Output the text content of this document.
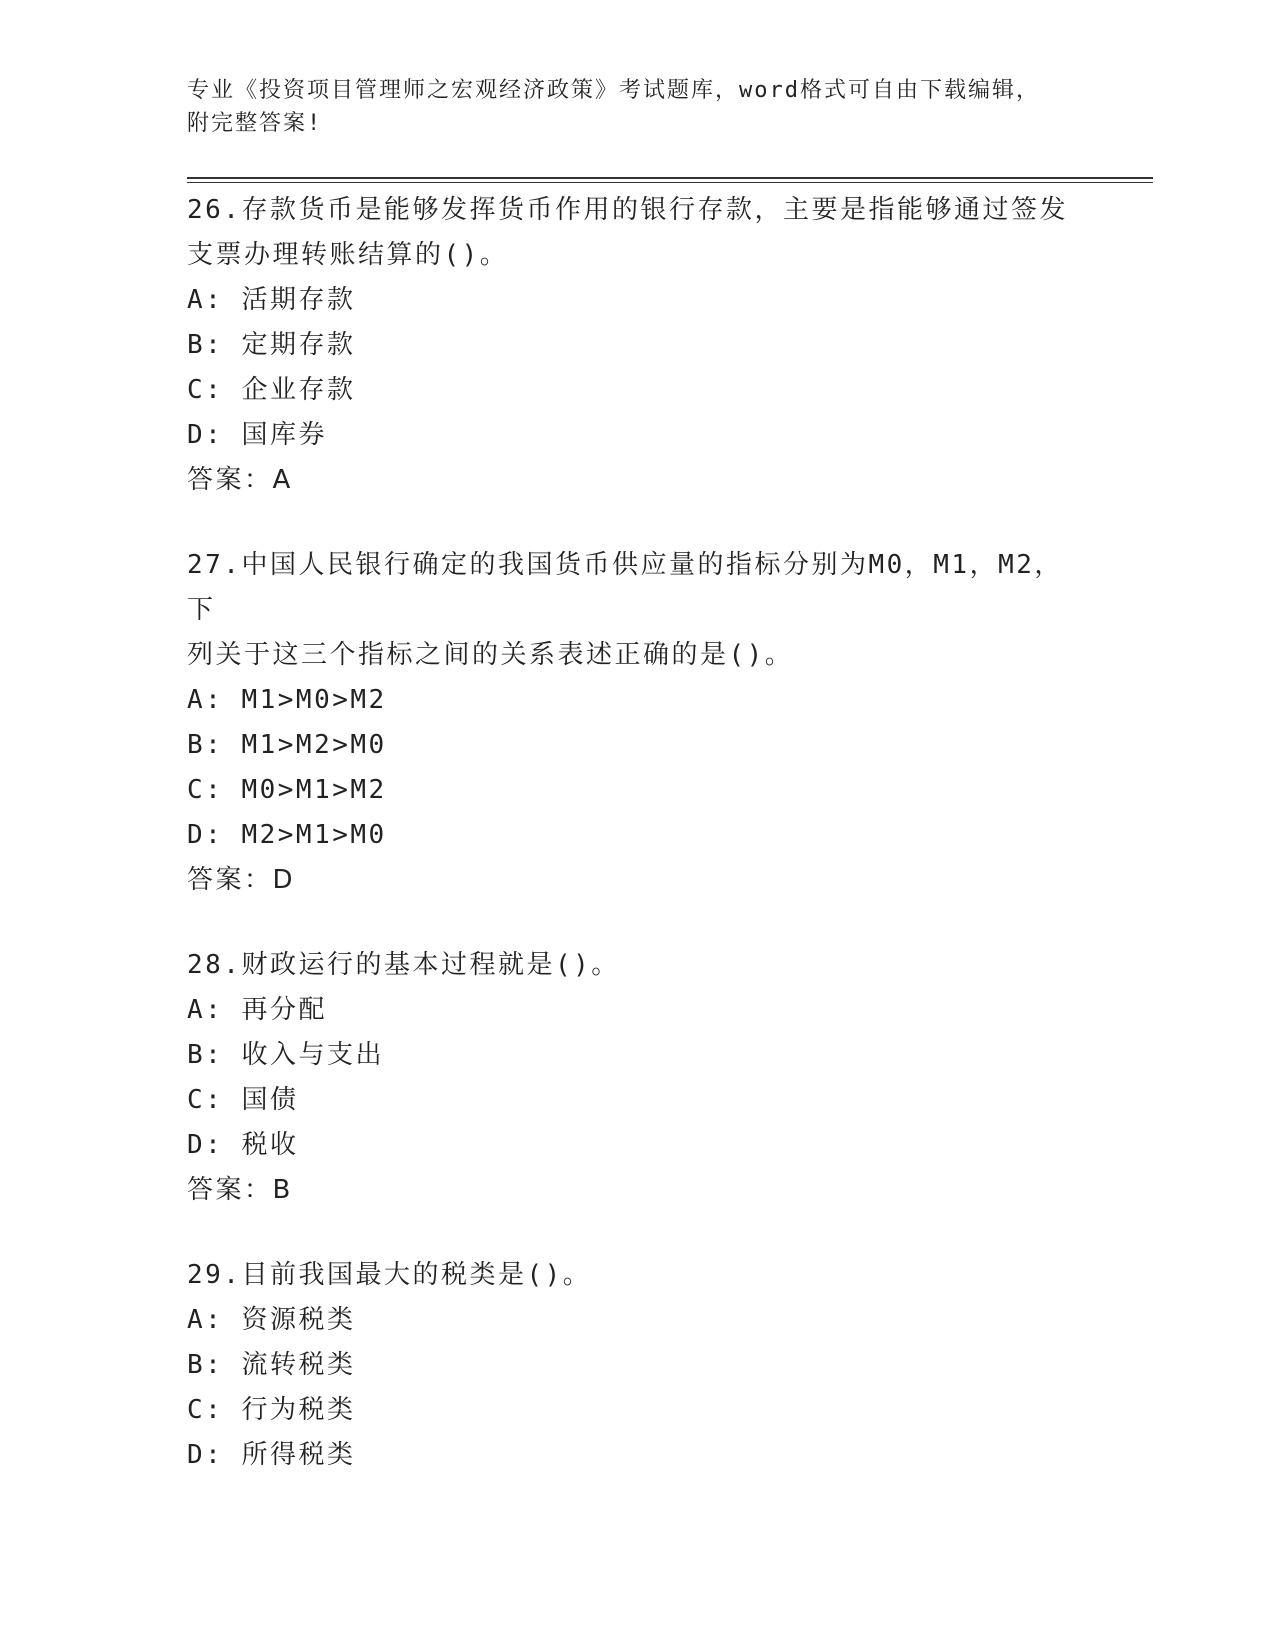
专业《投资项目管理师之宏观经济政策》考试题库，word格式可自由下载编辑，
附完整答案!

26.存款货币是能够发挥货币作用的银行存款，主要是指能够通过签发

支票办理转账结算的()。

A: 活期存款

B: 定期存款

C: 企业存款

D: 国库券

答案：A

27.中国人民银行确定的我国货币供应量的指标分别为M0，M1，M2，下

列关于这三个指标之间的关系表述正确的是()。

A: M1>M0>M2

B: M1>M2>M0

C: M0>M1>M2

D: M2>M1>M0

答案：D

28.财政运行的基本过程就是()。

A: 再分配

B: 收入与支出

C: 国债

D: 税收

答案：B

29.目前我国最大的税类是()。

A: 资源税类

B: 流转税类

C: 行为税类

D: 所得税类
